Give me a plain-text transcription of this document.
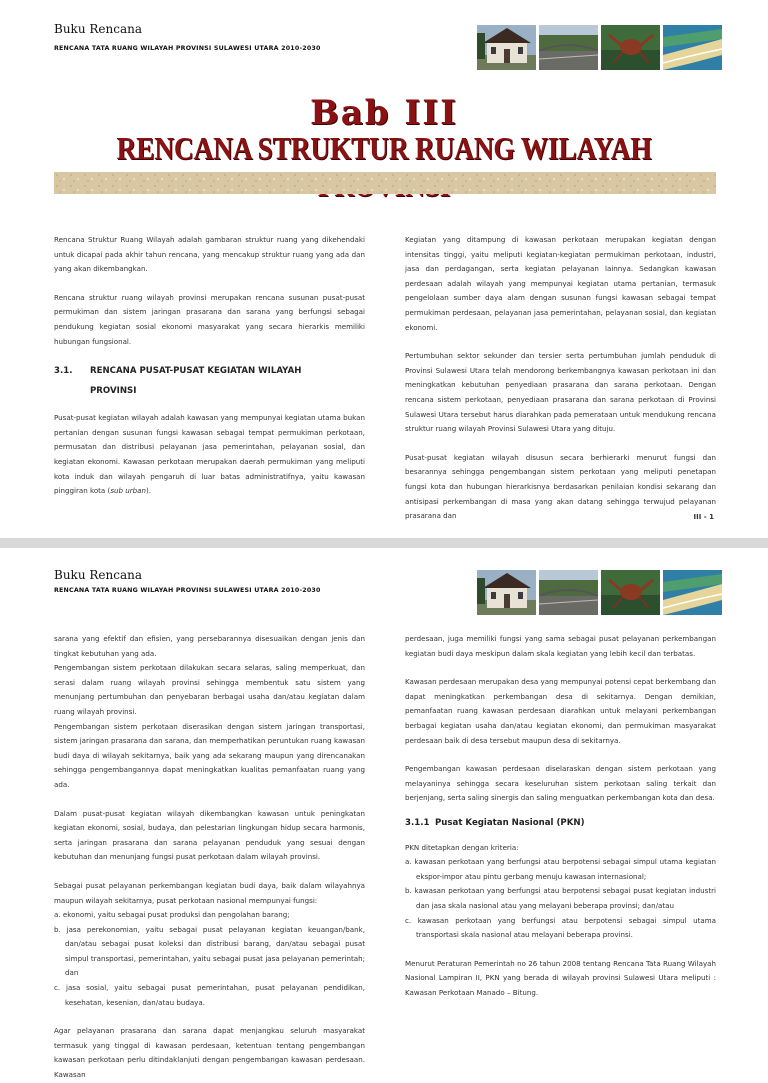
Buku Rencana
RENCANA TATA RUANG WILAYAH PROVINSI SULAWESI UTARA 2010-2030
Bab III
RENCANA STRUKTUR RUANG WILAYAH

Rencana Struktur Ruang Wilayah adalah gambaran struktur ruang yang dikehendaki untuk dicapai pada akhir tahun rencana, yang mencakup struktur ruang yang ada dan yang akan dikembangkan.

Rencana struktur ruang wilayah provinsi merupakan rencana susunan pusat-pusat permukiman dan sistem jaringan prasarana dan sarana yang berfungsi sebagai pendukung kegiatan sosial ekonomi masyarakat yang secara hierarkis memiliki hubungan fungsional.

3.1. RENCANA PUSAT-PUSAT KEGIATAN WILAYAH
PROVINSI

Pusat-pusat kegiatan wilayah adalah kawasan yang mempunyai kegiatan utama bukan pertanian dengan susunan fungsi kawasan sebagai tempat permukiman perkotaan, permusatan dan distribusi pelayanan jasa pemerintahan, pelayanan sosial, dan kegiatan ekonomi. Kawasan perkotaan merupakan daerah permukiman yang meliputi kota induk dan wilayah pengaruh di luar batas administratifnya, yaitu kawasan pinggiran kota (sub urban).

Kegiatan yang ditampung di kawasan perkotaan merupakan kegiatan dengan intensitas tinggi, yaitu meliputi kegiatan-kegiatan permukiman perkotaan, industri, jasa dan perdagangan, serta kegiatan pelayanan lainnya. Sedangkan kawasan perdesaan adalah wilayah yang mempunyai kegiatan utama pertanian, termasuk pengelolaan sumber daya alam dengan susunan fungsi kawasan sebagai tempat permukiman perdesaan, pelayanan jasa pemerintahan, pelayanan sosial, dan kegiatan ekonomi.

Pertumbuhan sektor sekunder dan tersier serta pertumbuhan jumlah penduduk di Provinsi Sulawesi Utara telah mendorong berkembangnya kawasan perkotaan ini dan meningkatkan kebutuhan penyediaan prasarana dan sarana perkotaan. Dengan rencana sistem perkotaan, penyediaan prasarana dan sarana perkotaan di Provinsi Sulawesi Utara tersebut harus diarahkan pada pemerataan untuk mendukung rencana struktur ruang wilayah Provinsi Sulawesi Utara yang dituju.

Pusat-pusat kegiatan wilayah disusun secara berhierarki menurut fungsi dan besarannya sehingga pengembangan sistem perkotaan yang meliputi penetapan fungsi kota dan hubungan hierarkisnya berdasarkan penilaian kondisi sekarang dan antisipasi perkembangan di masa yang akan datang sehingga terwujud pelayanan prasarana dan	III - 1
Buku Rencana
RENCANA TATA RUANG WILAYAH PROVINSI SULAWESI UTARA 2010-2030

sarana yang efektif dan efisien, yang persebarannya disesuaikan dengan jenis dan tingkat kebutuhan yang ada.

Pengembangan sistem perkotaan dilakukan secara selaras, saling memperkuat, dan serasi dalam ruang wilayah provinsi sehingga membentuk satu sistem yang menunjang pertumbuhan dan penyebaran berbagai usaha dan/atau kegiatan dalam ruang wilayah provinsi.

Pengembangan sistem perkotaan diserasikan dengan sistem jaringan transportasi, sistem jaringan prasarana dan sarana, dan memperhatikan peruntukan ruang kawasan budi daya di wilayah sekitarnya, baik yang ada sekarang maupun yang direncanakan sehingga pengembangannya dapat meningkatkan kualitas pemanfaatan ruang yang ada.

Dalam pusat-pusat kegiatan wilayah dikembangkan kawasan untuk peningkatan kegiatan ekonomi, sosial, budaya, dan pelestarian lingkungan hidup secara harmonis, serta jaringan prasarana dan sarana pelayanan penduduk yang sesuai dengan kebutuhan dan menunjang fungsi pusat perkotaan dalam wilayah provinsi.

Sebagai pusat pelayanan perkembangan kegiatan budi daya, baik dalam wilayahnya maupun wilayah sekitarnya, pusat perkotaan nasional mempunyai fungsi:

a. ekonomi, yaitu sebagai pusat produksi dan pengolahan barang;

b. jasa perekonomian, yaitu sebagai pusat pelayanan kegiatan keuangan/bank, dan/atau sebagai pusat koleksi dan distribusi barang, dan/atau sebagai pusat simpul transportasi, pemerintahan, yaitu sebagai pusat jasa pelayanan pemerintah; dan

c. jasa sosial, yaitu sebagai pusat pemerintahan, pusat pelayanan pendidikan, kesehatan, kesenian, dan/atau budaya.

Agar pelayanan prasarana dan sarana dapat menjangkau seluruh masyarakat termasuk yang tinggal di kawasan perdesaan, ketentuan tentang pengembangan kawasan perkotaan perlu ditindaklanjuti dengan pengembangan kawasan perdesaan. Kawasan

perdesaan, juga memiliki fungsi yang sama sebagai pusat pelayanan perkembangan kegiatan budi daya meskipun dalam skala kegiatan yang lebih kecil dan terbatas.

Kawasan perdesaan merupakan desa yang mempunyai potensi cepat berkembang dan dapat meningkatkan perkembangan desa di sekitarnya. Dengan demikian, pemanfaatan ruang kawasan perdesaan diarahkan untuk melayani perkembangan berbagai kegiatan usaha dan/atau kegiatan ekonomi, dan permukiman masyarakat perdesaan baik di desa tersebut maupun desa di sekitarnya.

Pengembangan kawasan perdesaan diselaraskan dengan sistem perkotaan yang melayaninya sehingga secara keseluruhan sistem perkotaan saling terkait dan berjenjang, serta saling sinergis dan saling menguatkan perkembangan kota dan desa.

3.1.1 Pusat Kegiatan Nasional (PKN)

PKN ditetapkan dengan kriteria:

a. kawasan perkotaan yang berfungsi atau berpotensi sebagai simpul utama kegiatan ekspor-impor atau pintu gerbang menuju kawasan internasional;

b. kawasan perkotaan yang berfungsi atau berpotensi sebagai pusat kegiatan industri dan jasa skala nasional atau yang melayani beberapa provinsi; dan/atau

c. kawasan perkotaan yang berfungsi atau berpotensi sebagai simpul utama transportasi skala nasional atau melayani beberapa provinsi.

Menurut Peraturan Pemerintah no 26 tahun 2008 tentang Rencana Tata Ruang Wilayah Nasional Lampiran II, PKN yang berada di wilayah provinsi Sulawesi Utara meliputi : Kawasan Perkotaan Manado – Bitung.
